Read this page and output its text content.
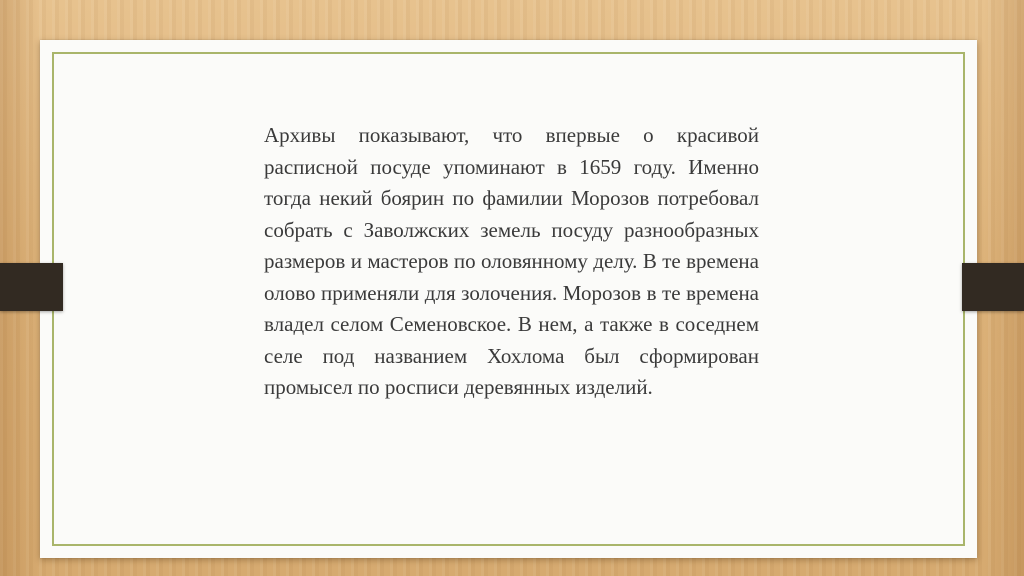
Архивы показывают, что впервые о красивой расписной посуде упоминают в 1659 году. Именно тогда некий боярин по фамилии Морозов потребовал собрать с Заволжских земель посуду разнообразных размеров и мастеров по оловянному делу. В те времена олово применяли для золочения. Морозов в те времена владел селом Семеновское. В нем, а также в соседнем селе под названием Хохлома был сформирован промысел по росписи деревянных изделий.
